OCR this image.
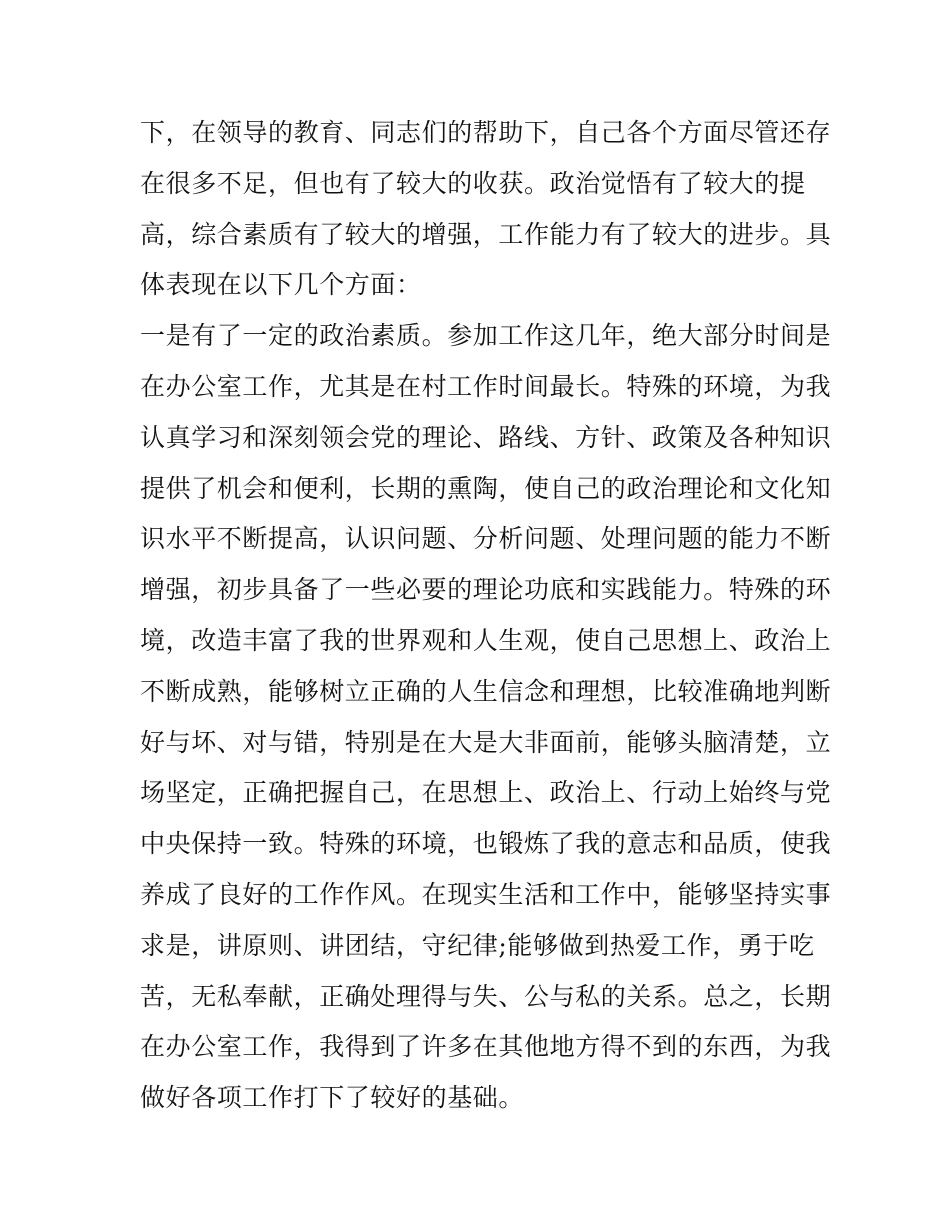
下，在领导的教育、同志们的帮助下，自己各个方面尽管还存
在很多不足，但也有了较大的收获。政治觉悟有了较大的提
高，综合素质有了较大的增强，工作能力有了较大的进步。具
体表现在以下几个方面：
一是有了一定的政治素质。参加工作这几年，绝大部分时间是
在办公室工作，尤其是在村工作时间最长。特殊的环境，为我
认真学习和深刻领会党的理论、路线、方针、政策及各种知识
提供了机会和便利，长期的熏陶，使自己的政治理论和文化知
识水平不断提高，认识问题、分析问题、处理问题的能力不断
增强，初步具备了一些必要的理论功底和实践能力。特殊的环
境，改造丰富了我的世界观和人生观，使自己思想上、政治上
不断成熟，能够树立正确的人生信念和理想，比较准确地判断
好与坏、对与错，特别是在大是大非面前，能够头脑清楚，立
场坚定，正确把握自己，在思想上、政治上、行动上始终与党
中央保持一致。特殊的环境，也锻炼了我的意志和品质，使我
养成了良好的工作作风。在现实生活和工作中，能够坚持实事
求是，讲原则、讲团结，守纪律;能够做到热爱工作，勇于吃
苦，无私奉献，正确处理得与失、公与私的关系。总之，长期
在办公室工作，我得到了许多在其他地方得不到的东西，为我
做好各项工作打下了较好的基础。
